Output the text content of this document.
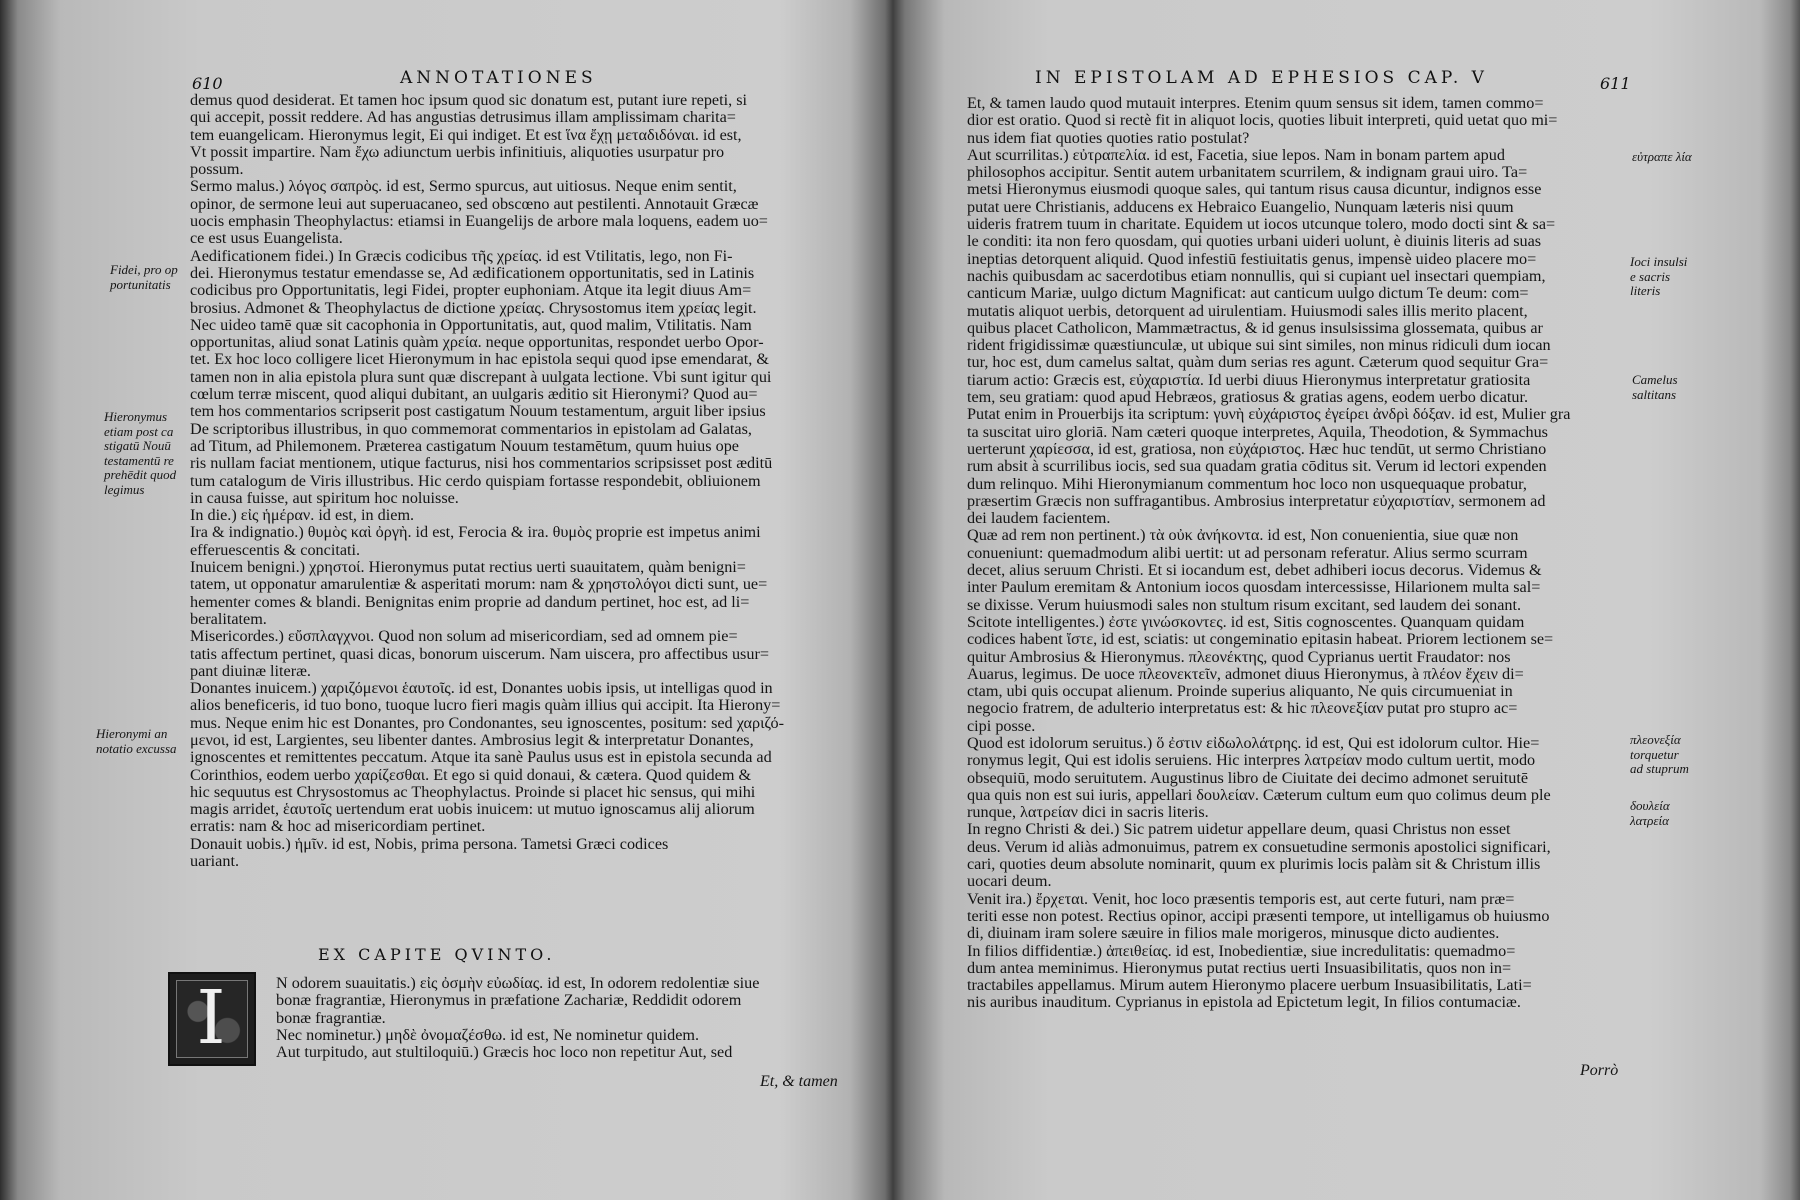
610	ANNOTATIONES
demus quod desiderat. Et tamen hoc ipsum quod sic donatum est, putant iure repeti, si
qui accepit, possit reddere. Ad has angustias detrusimus illam amplissimam charita=
tem euangelicam. Hieronymus legit, Ei qui indiget. Et est ἵνα ἔχῃ μεταδιδόναι. id est,
Vt possit impartire. Nam ἔχω adiunctum uerbis infinitiuis, aliquoties usurpatur pro
possum.
Sermo malus.) λόγος σαπρὸς. id est, Sermo spurcus, aut uitiosus. Neque enim sentit,
opinor, de sermone leui aut superuacaneo, sed obscœno aut pestilenti. Annotauit Græcæ
uocis emphasin Theophylactus: etiamsi in Euangelijs de arbore mala loquens, eadem uo=
ce est usus Euangelista.
Aedificationem fidei.) In Græcis codicibus τῆς χρείας. id est Vtilitatis, lego, non Fi-
dei. Hieronymus testatur emendasse se, Ad ædificationem opportunitatis, sed in Latinis
codicibus pro Opportunitatis, legi Fidei, propter euphoniam. Atque ita legit diuus Am=
brosius. Admonet & Theophylactus de dictione χρείας. Chrysostomus item χρείας legit.
Nec uideo tamē quæ sit cacophonia in Opportunitatis, aut, quod malim, Vtilitatis. Nam
opportunitas, aliud sonat Latinis quàm χρεία. neque opportunitas, respondet uerbo Opor-
tet. Ex hoc loco colligere licet Hieronymum in hac epistola sequi quod ipse emendarat, &
tamen non in alia epistola plura sunt quæ discrepant à uulgata lectione. Vbi sunt igitur qui
cœlum terræ miscent, quod aliqui dubitant, an uulgaris æditio sit Hieronymi? Quod au=
tem hos commentarios scripserit post castigatum Nouum testamentum, arguit liber ipsius
De scriptoribus illustribus, in quo commemorat commentarios in epistolam ad Galatas,
ad Titum, ad Philemonem. Præterea castigatum Nouum testamētum, quum huius ope
ris nullam faciat mentionem, utique facturus, nisi hos commentarios scripsisset post æditū
tum catalogum de Viris illustribus. Hic cerdo quispiam fortasse respondebit, obliuionem
in causa fuisse, aut spiritum hoc noluisse.
In die.) εἰς ἡμέραν. id est, in diem.
Ira & indignatio.) θυμὸς καὶ ὀργὴ. id est, Ferocia & ira. θυμὸς proprie est impetus animi
efferuescentis & concitati.
Inuicem benigni.) χρηστοί. Hieronymus putat rectius uerti suauitatem, quàm benigni=
tatem, ut opponatur amarulentiæ & asperitati morum: nam & χρηστολόγοι dicti sunt, ue=
hementer comes & blandi. Benignitas enim proprie ad dandum pertinet, hoc est, ad li=
beralitatem.
Misericordes.) εὔσπλαγχνοι. Quod non solum ad misericordiam, sed ad omnem pie=
tatis affectum pertinet, quasi dicas, bonorum uiscerum. Nam uiscera, pro affectibus usur=
pant diuinæ literæ.
Donantes inuicem.) χαριζόμενοι ἑαυτοῖς. id est, Donantes uobis ipsis, ut intelligas quod in
alios beneficeris, id tuo bono, tuoque lucro fieri magis quàm illius qui accipit. Ita Hierony=
mus. Neque enim hic est Donantes, pro Condonantes, seu ignoscentes, positum: sed χαριζό-
μενοι, id est, Largientes, seu libenter dantes. Ambrosius legit & interpretatur Donantes,
ignoscentes et remittentes peccatum. Atque ita sanè Paulus usus est in epistola secunda ad
Corinthios, eodem uerbo χαρίζεσθαι. Et ego si quid donaui, & cætera. Quod quidem &
hic sequutus est Chrysostomus ac Theophylactus. Proinde si placet hic sensus, qui mihi
magis arridet, ἑαυτοῖς uertendum erat uobis inuicem: ut mutuo ignoscamus alij aliorum
erratis: nam & hoc ad misericordiam pertinet.
Donauit uobis.) ἡμῖν. id est, Nobis, prima persona. Tametsi Græci codices
uariant.
Fidei, pro op portunitatis
Hieronymus etiam post ca stigatū Nouū testamentū re prehēdit quod legimus
Hieronymi an notatio excussa
EX CAPITE QVINTO.
I	N odorem suauitatis.) εἰς ὀσμὴν εὐωδίας. id est, In odorem redolentiæ siue
bonæ fragrantiæ, Hieronymus in præfatione Zachariæ, Reddidit odorem
bonæ fragrantiæ.
Nec nominetur.) μηδὲ ὀνομαζέσθω. id est, Ne nominetur quidem.
Aut turpitudo, aut stultiloquiū.) Græcis hoc loco non repetitur Aut, sed
Et, & tamen
IN EPISTOLAM AD EPHESIOS CAP. V	611
Et, & tamen laudo quod mutauit interpres. Etenim quum sensus sit idem, tamen commo=
dior est oratio. Quod si rectè fit in aliquot locis, quoties libuit interpreti, quid uetat quo mi=
nus idem fiat quoties quoties ratio postulat?
Aut scurrilitas.) εὐτραπελία. id est, Facetia, siue lepos. Nam in bonam partem apud
philosophos accipitur. Sentit autem urbanitatem scurrilem, & indignam graui uiro. Ta=
metsi Hieronymus eiusmodi quoque sales, qui tantum risus causa dicuntur, indignos esse
putat uere Christianis, adducens ex Hebraico Euangelio, Nunquam læteris nisi quum
uideris fratrem tuum in charitate. Equidem ut iocos utcunque tolero, modo docti sint & sa=
le conditi: ita non fero quosdam, qui quoties urbani uideri uolunt, è diuinis literis ad suas
ineptias detorquent aliquid. Quod infestiū festiuitatis genus, impensè uideo placere mo=
nachis quibusdam ac sacerdotibus etiam nonnullis, qui si cupiant uel insectari quempiam,
canticum Mariæ, uulgo dictum Magnificat: aut canticum uulgo dictum Te deum: com=
mutatis aliquot uerbis, detorquent ad uirulentiam. Huiusmodi sales illis merito placent,
quibus placet Catholicon, Mammætractus, & id genus insulsissima glossemata, quibus ar
rident frigidissimæ quæstiunculæ, ut ubique sui sint similes, non minus ridiculi dum iocan
tur, hoc est, dum camelus saltat, quàm dum serias res agunt. Cæterum quod sequitur Gra=
tiarum actio: Græcis est, εὐχαριστία. Id uerbi diuus Hieronymus interpretatur gratiosita
tem, seu gratiam: quod apud Hebræos, gratiosus & gratias agens, eodem uerbo dicatur.
Putat enim in Prouerbijs ita scriptum: γυνὴ εὐχάριστος ἐγείρει ἀνδρὶ δόξαν. id est, Mulier gra
ta suscitat uiro gloriā. Nam cæteri quoque interpretes, Aquila, Theodotion, & Symmachus
uerterunt χαρίεσσα, id est, gratiosa, non εὐχάριστος. Hæc huc tendūt, ut sermo Christiano
rum absit à scurrilibus iocis, sed sua quadam gratia cōditus sit. Verum id lectori expenden
dum relinquo. Mihi Hieronymianum commentum hoc loco non usquequaque probatur,
præsertim Græcis non suffragantibus. Ambrosius interpretatur εὐχαριστίαν, sermonem ad
dei laudem facientem.
Quæ ad rem non pertinent.) τὰ οὐκ ἀνήκοντα. id est, Non conuenientia, siue quæ non
conueniunt: quemadmodum alibi uertit: ut ad personam referatur. Alius sermo scurram
decet, alius seruum Christi. Et si iocandum est, debet adhiberi iocus decorus. Videmus &
inter Paulum eremitam & Antonium iocos quosdam intercessisse, Hilarionem multa sal=
se dixisse. Verum huiusmodi sales non stultum risum excitant, sed laudem dei sonant.
Scitote intelligentes.) ἐστε γινώσκοντες. id est, Sitis cognoscentes. Quanquam quidam
codices habent ἴστε, id est, sciatis: ut congeminatio epitasin habeat. Priorem lectionem se=
quitur Ambrosius & Hieronymus. πλεονέκτης, quod Cyprianus uertit Fraudator: nos
Auarus, legimus. De uoce πλεονεκτεῖν, admonet diuus Hieronymus, à πλέον ἔχειν di=
ctam, ubi quis occupat alienum. Proinde superius aliquanto, Ne quis circumueniat in
negocio fratrem, de adulterio interpretatus est: & hic πλεονεξίαν putat pro stupro ac=
cipi posse.
Quod est idolorum seruitus.) ὅ ἐστιν εἰδωλολάτρης. id est, Qui est idolorum cultor. Hie=
ronymus legit, Qui est idolis seruiens. Hic interpres λατρείαν modo cultum uertit, modo
obsequiū, modo seruitutem. Augustinus libro de Ciuitate dei decimo admonet seruitutē
qua quis non est sui iuris, appellari δουλείαν. Cæterum cultum eum quo colimus deum ple
runque, λατρείαν dici in sacris literis.
In regno Christi & dei.) Sic patrem uidetur appellare deum, quasi Christus non esset
deus. Verum id aliàs admonuimus, patrem ex consuetudine sermonis apostolici significari,
cari, quoties deum absolute nominarit, quum ex plurimis locis palàm sit & Christum illis
uocari deum.
Venit ira.) ἔρχεται. Venit, hoc loco præsentis temporis est, aut certe futuri, nam præ=
teriti esse non potest. Rectius opinor, accipi præsenti tempore, ut intelligamus ob huiusmo
di, diuinam iram solere sæuire in filios male morigeros, minusque dicto audientes.
In filios diffidentiæ.) ἀπειθείας. id est, Inobedientiæ, siue incredulitatis: quemadmo=
dum antea meminimus. Hieronymus putat rectius uerti Insuasibilitatis, quos non in=
tractabiles appellamus. Mirum autem Hieronymo placere uerbum Insuasibilitatis, Lati=
nis auribus inauditum. Cyprianus in epistola ad Epictetum legit, In filios contumaciæ.
εὐτραπε λία
Ioci insulsi e sacris literis
Camelus saltitans
πλεονεξία torquetur ad stuprum
δουλεία λατρεία
Porrò
